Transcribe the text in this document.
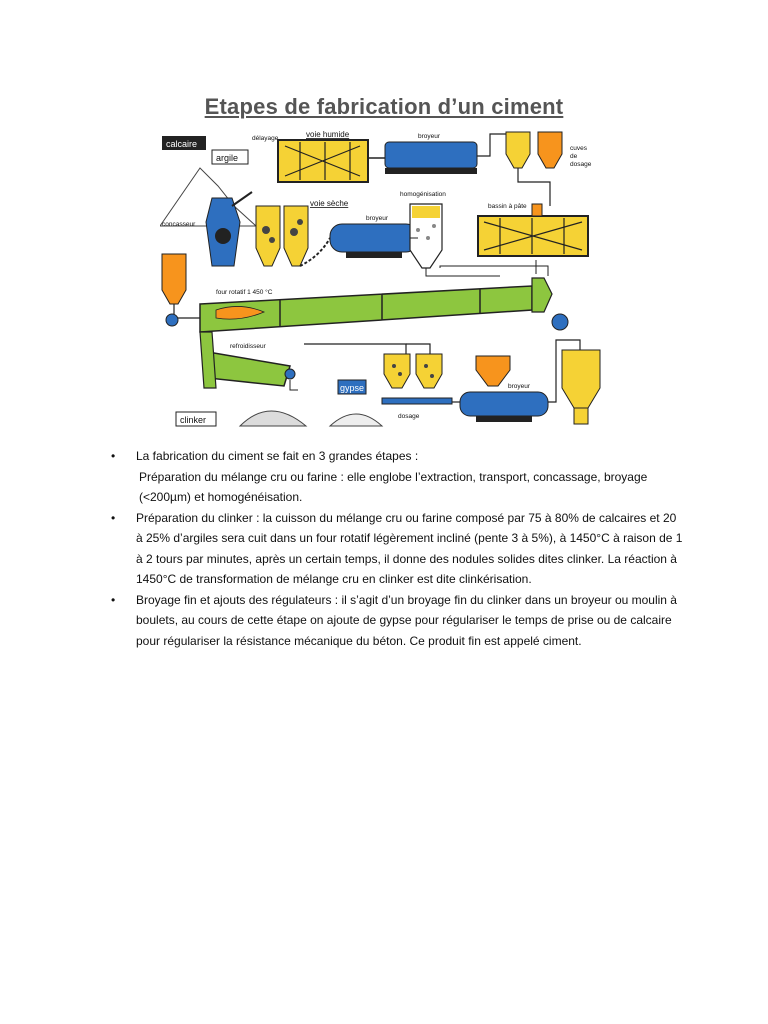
Etapes de fabrication d’un ciment
calcaire
argile
délayage	voie humide	broyeur
cuves
de
dosage
concasseur
voie sèche
broyeur
homogénisation
bassin à pâte
four rotatif 1 450 °C
refroidisseur
clinker
gypse
dosage
broyeur
• La fabrication du ciment se fait en 3 grandes étapes :
Préparation du mélange cru ou farine : elle englobe l’extraction, transport, concassage, broyage (<200µm) et homogénéisation.
• Préparation du clinker : la cuisson du mélange cru ou farine composé par 75 à 80% de calcaires et 20 à 25% d’argiles sera cuit dans un four rotatif légèrement incliné (pente 3 à 5%), à 1450°C à raison de 1 à 2 tours par minutes, après un certain temps, il donne des nodules solides dites clinker. La réaction à 1450°C de transformation de mélange cru en clinker est dite clinkérisation.
• Broyage fin et ajouts des régulateurs : il s’agit d’un broyage fin du clinker dans un broyeur ou moulin à boulets, au cours de cette étape on ajoute de gypse pour régulariser le temps de prise ou de calcaire pour régulariser la résistance mécanique du béton. Ce produit fin est appelé ciment.
